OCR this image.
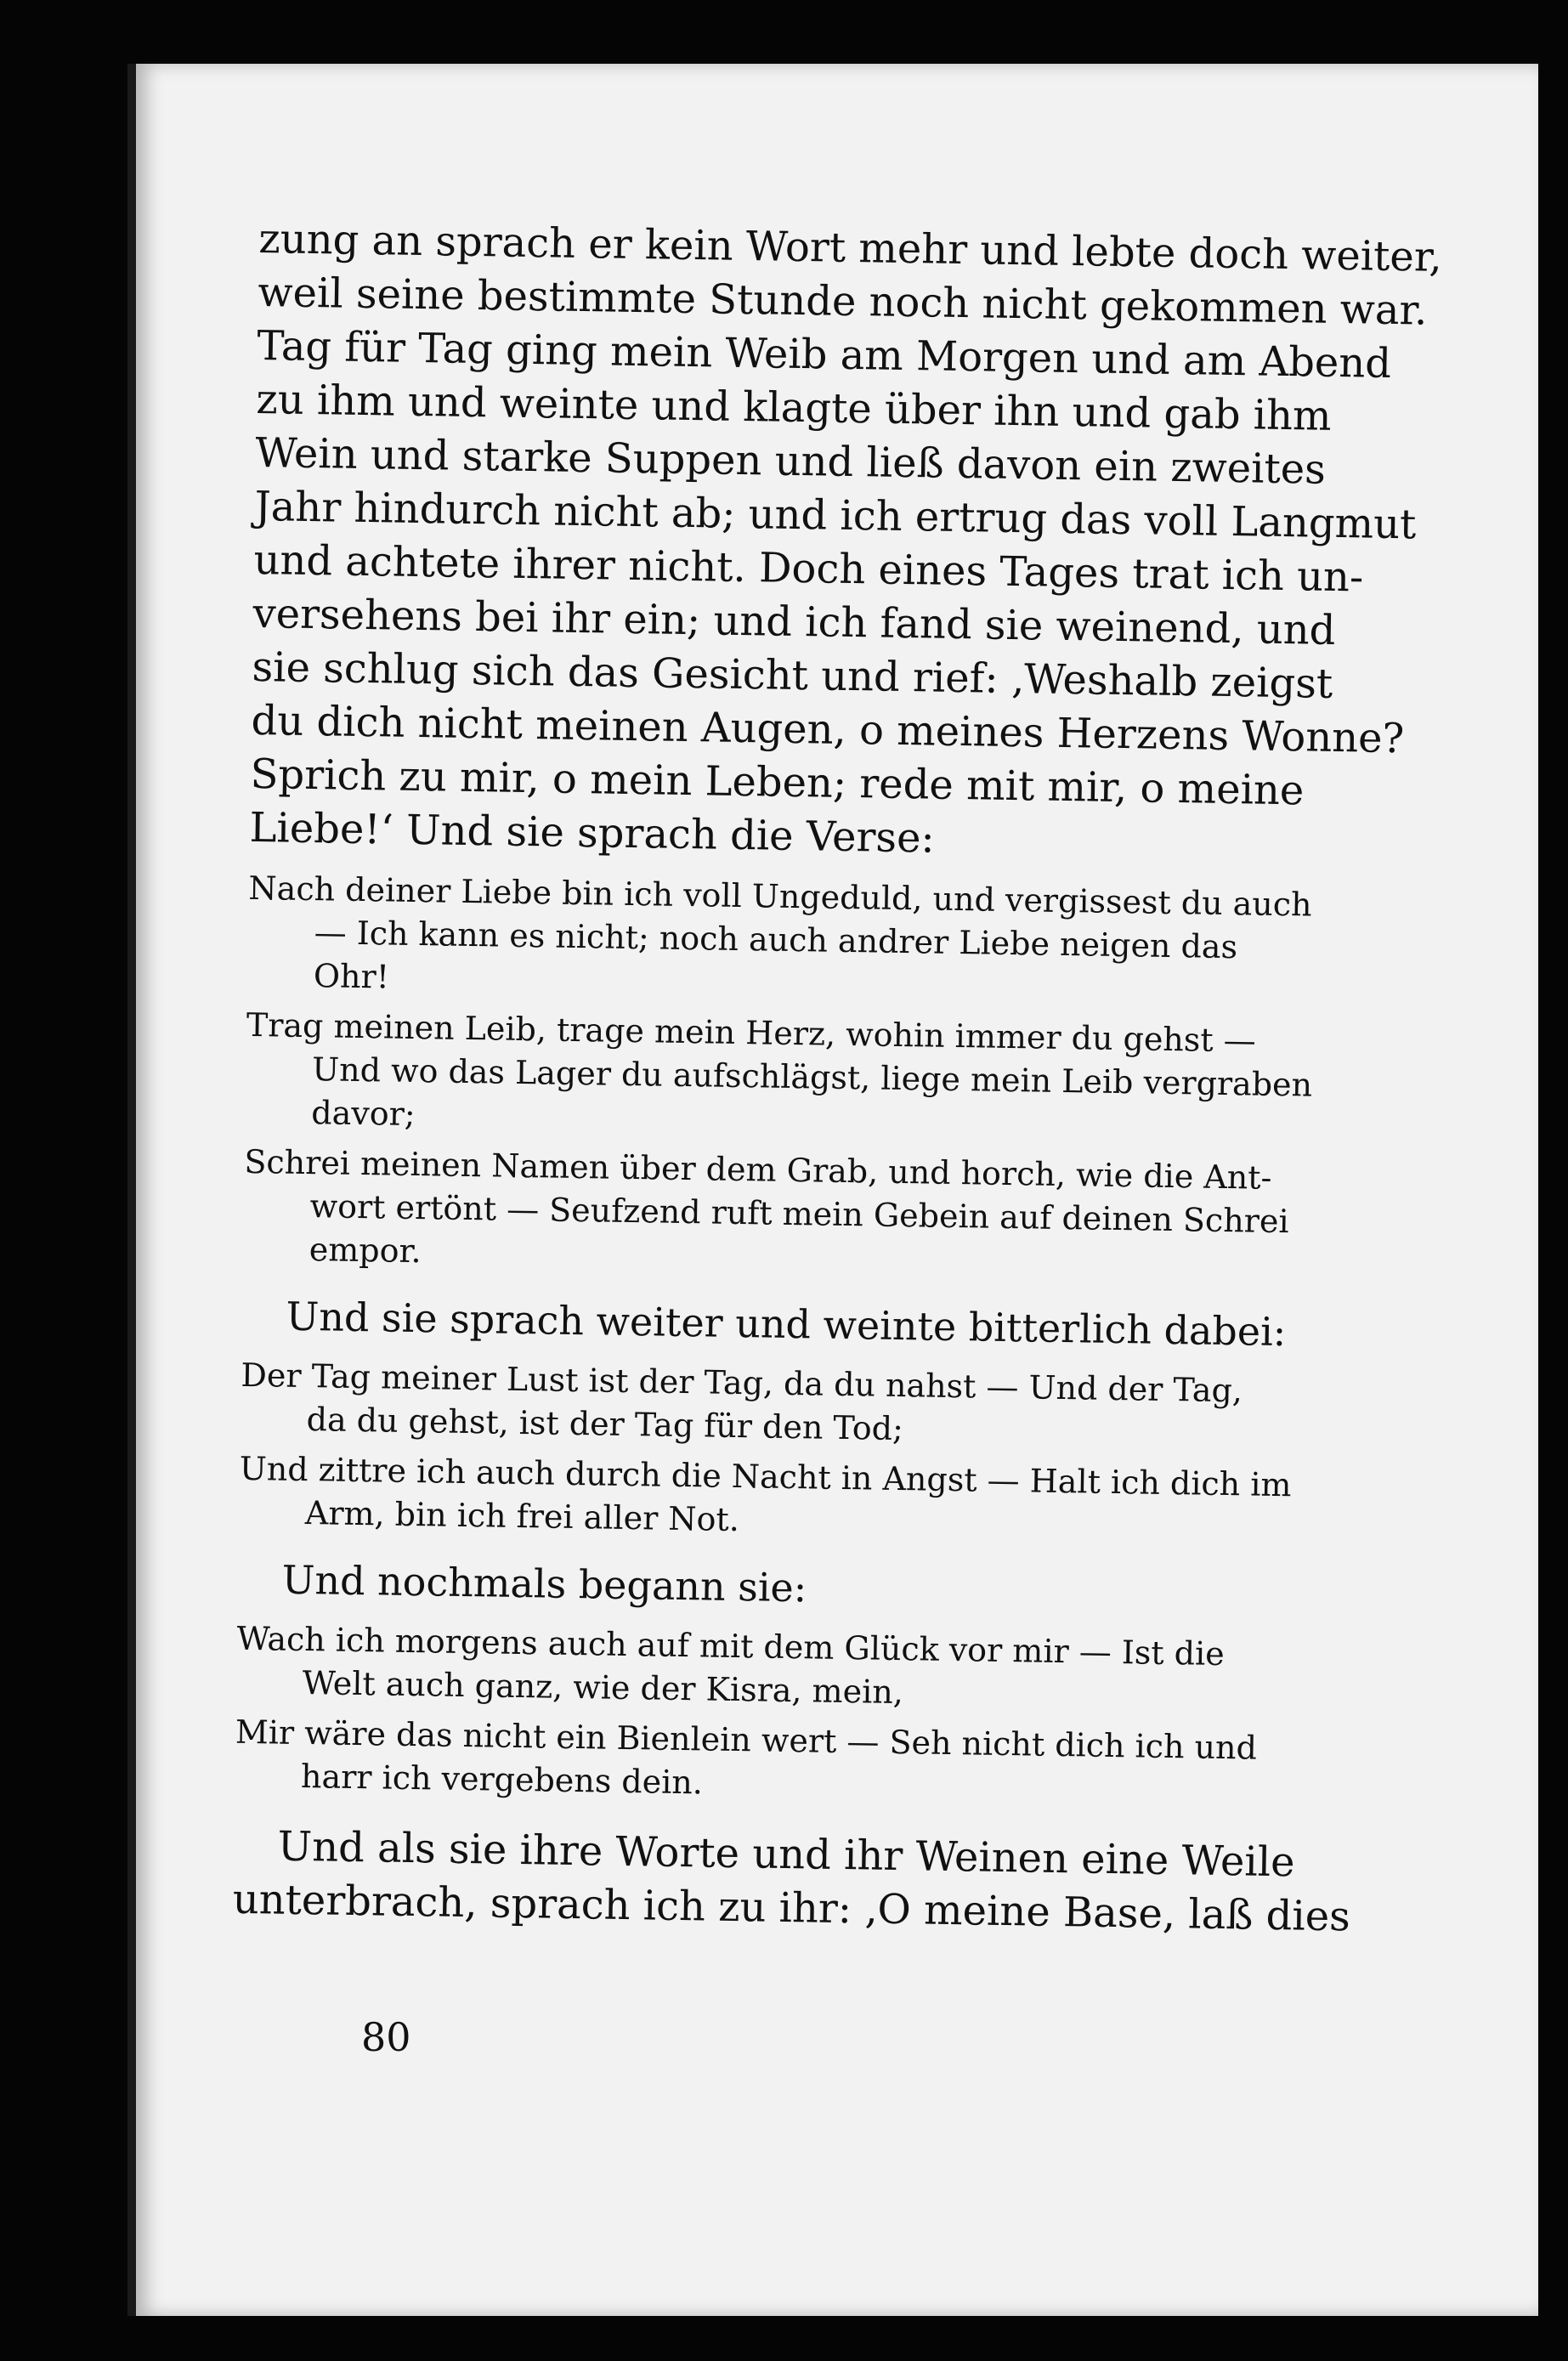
zung an sprach er kein Wort mehr und lebte doch weiter,
weil seine bestimmte Stunde noch nicht gekommen war.
Tag für Tag ging mein Weib am Morgen und am Abend
zu ihm und weinte und klagte über ihn und gab ihm
Wein und starke Suppen und ließ davon ein zweites
Jahr hindurch nicht ab; und ich ertrug das voll Langmut
und achtete ihrer nicht. Doch eines Tages trat ich un-
versehens bei ihr ein; und ich fand sie weinend, und
sie schlug sich das Gesicht und rief: ‚Weshalb zeigst
du dich nicht meinen Augen, o meines Herzens Wonne?
Sprich zu mir, o mein Leben; rede mit mir, o meine
Liebe!‘ Und sie sprach die Verse:
Nach deiner Liebe bin ich voll Ungeduld, und vergissest du auch
— Ich kann es nicht; noch auch andrer Liebe neigen das
Ohr!
Trag meinen Leib, trage mein Herz, wohin immer du gehst —
Und wo das Lager du aufschlägst, liege mein Leib vergraben
davor;
Schrei meinen Namen über dem Grab, und horch, wie die Ant-
wort ertönt — Seufzend ruft mein Gebein auf deinen Schrei
empor.
Und sie sprach weiter und weinte bitterlich dabei:
Der Tag meiner Lust ist der Tag, da du nahst — Und der Tag,
da du gehst, ist der Tag für den Tod;
Und zittre ich auch durch die Nacht in Angst — Halt ich dich im
Arm, bin ich frei aller Not.
Und nochmals begann sie:
Wach ich morgens auch auf mit dem Glück vor mir — Ist die
Welt auch ganz, wie der Kisra, mein,
Mir wäre das nicht ein Bienlein wert — Seh nicht dich ich und
harr ich vergebens dein.
Und als sie ihre Worte und ihr Weinen eine Weile
unterbrach, sprach ich zu ihr: ‚O meine Base, laß dies
80
